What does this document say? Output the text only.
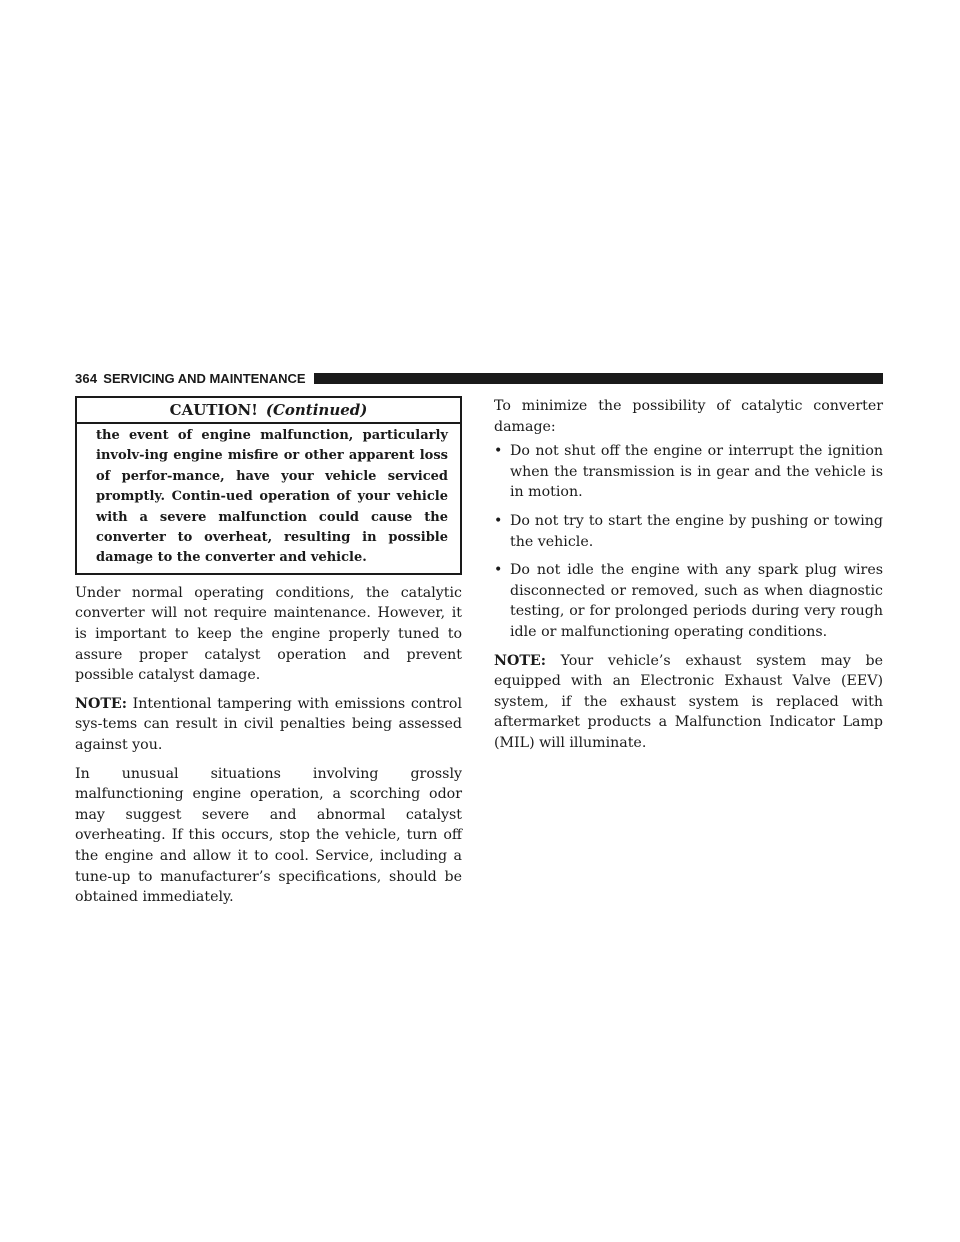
364 SERVICING AND MAINTENANCE
CAUTION! (Continued)
the event of engine malfunction, particularly involv-ing engine misfire or other apparent loss of perfor-mance, have your vehicle serviced promptly. Contin-ued operation of your vehicle with a severe malfunction could cause the converter to overheat, resulting in possible damage to the converter and vehicle.

Under normal operating conditions, the catalytic converter will not require maintenance. However, it is important to keep the engine properly tuned to assure proper catalyst operation and prevent possible catalyst damage.

NOTE: Intentional tampering with emissions control sys-tems can result in civil penalties being assessed against you.

In unusual situations involving grossly malfunctioning engine operation, a scorching odor may suggest severe and abnormal catalyst overheating. If this occurs, stop the vehicle, turn off the engine and allow it to cool. Service, including a tune-up to manufacturer’s specifications, should be obtained immediately.

To minimize the possibility of catalytic converter damage:

• Do not shut off the engine or interrupt the ignition when the transmission is in gear and the vehicle is in motion.
• Do not try to start the engine by pushing or towing the vehicle.
• Do not idle the engine with any spark plug wires disconnected or removed, such as when diagnostic testing, or for prolonged periods during very rough idle or malfunctioning operating conditions.

NOTE: Your vehicle’s exhaust system may be equipped with an Electronic Exhaust Valve (EEV) system, if the exhaust system is replaced with aftermarket products a Malfunction Indicator Lamp (MIL) will illuminate.
